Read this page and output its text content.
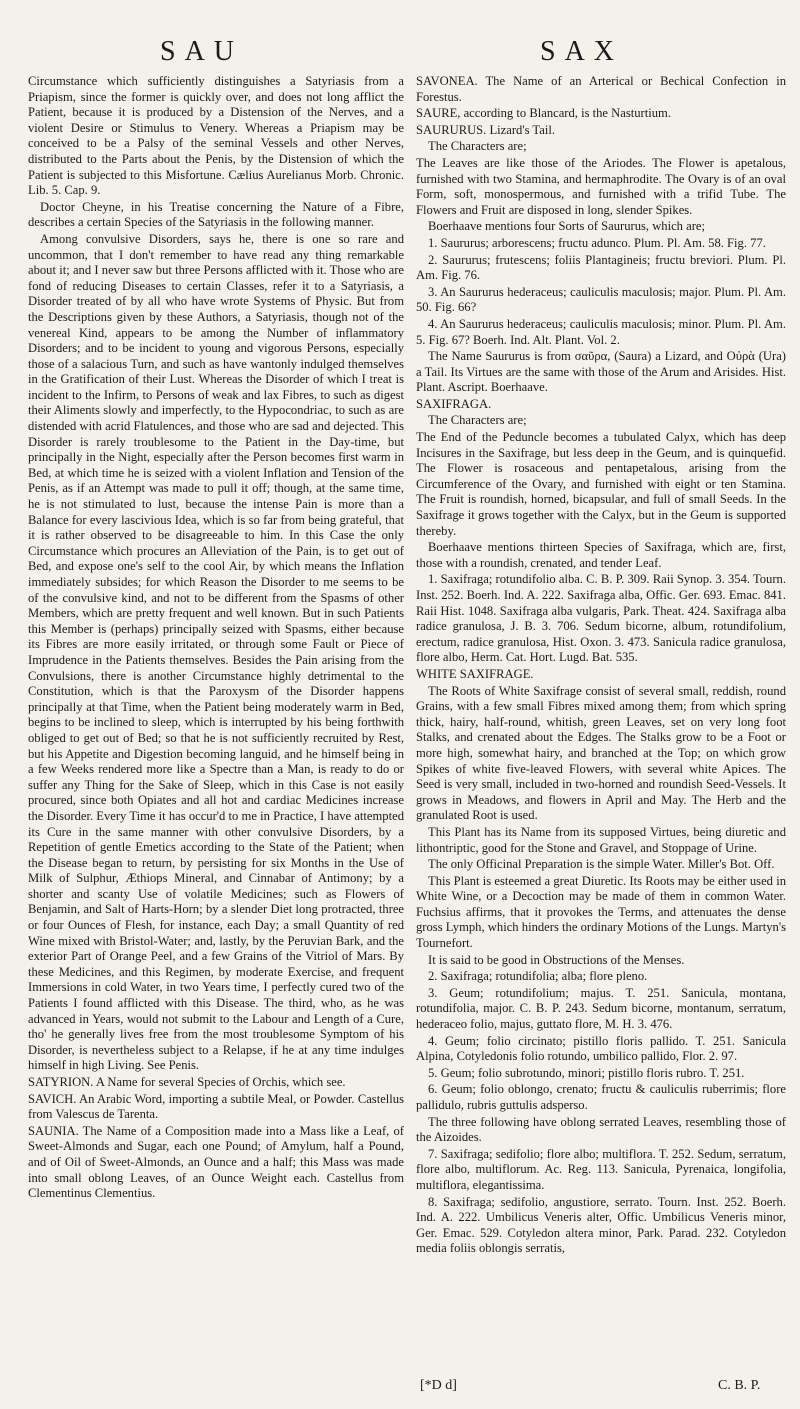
SAU	SAX

Circumstance which sufficiently distinguishes a Satyriasis from a Priapism, since the former is quickly over, and does not long afflict the Patient, because it is produced by a Distension of the Nerves, and a violent Desire or Stimulus to Venery. Whereas a Priapism may be conceived to be a Palsy of the seminal Vessels and other Nerves, distributed to the Parts about the Penis, by the Distension of which the Patient is subjected to this Misfortune. Cælius Aurelianus Morb. Chronic. Lib. 5. Cap. 9.

Doctor Cheyne, in his Treatise concerning the Nature of a Fibre, describes a certain Species of the Satyriasis in the following manner.

Among convulsive Disorders, says he, there is one so rare and uncommon, that I don't remember to have read any thing remarkable about it; and I never saw but three Persons afflicted with it. Those who are fond of reducing Diseases to certain Classes, refer it to a Satyriasis, a Disorder treated of by all who have wrote Systems of Physic. But from the Descriptions given by these Authors, a Satyriasis, though not of the venereal Kind, appears to be among the Number of inflammatory Disorders; and to be incident to young and vigorous Persons, especially those of a salacious Turn, and such as have wantonly indulged themselves in the Gratification of their Lust. Whereas the Disorder of which I treat is incident to the Infirm, to Persons of weak and lax Fibres, to such as digest their Aliments slowly and imperfectly, to the Hypocondriac, to such as are distended with acrid Flatulences, and those who are sad and dejected. This Disorder is rarely troublesome to the Patient in the Day-time, but principally in the Night, especially after the Person becomes first warm in Bed, at which time he is seized with a violent Inflation and Tension of the Penis, as if an Attempt was made to pull it off; though, at the same time, he is not stimulated to lust, because the intense Pain is more than a Balance for every lascivious Idea, which is so far from being grateful, that it is rather observed to be disagreeable to him. In this Case the only Circumstance which procures an Alleviation of the Pain, is to get out of Bed, and expose one's self to the cool Air, by which means the Inflation immediately subsides; for which Reason the Disorder to me seems to be of the convulsive kind, and not to be different from the Spasms of other Members, which are pretty frequent and well known. But in such Patients this Member is (perhaps) principally seized with Spasms, either because its Fibres are more easily irritated, or through some Fault or Piece of Imprudence in the Patients themselves. Besides the Pain arising from the Convulsions, there is another Circumstance highly detrimental to the Constitution, which is that the Paroxysm of the Disorder happens principally at that Time, when the Patient being moderately warm in Bed, begins to be inclined to sleep, which is interrupted by his being forthwith obliged to get out of Bed; so that he is not sufficiently recruited by Rest, but his Appetite and Digestion becoming languid, and he himself being in a few Weeks rendered more like a Spectre than a Man, is ready to do or suffer any Thing for the Sake of Sleep, which in this Case is not easily procured, since both Opiates and all hot and cardiac Medicines increase the Disorder. Every Time it has occur'd to me in Practice, I have attempted its Cure in the same manner with other convulsive Disorders, by a Repetition of gentle Emetics according to the State of the Patient; when the Disease began to return, by persisting for six Months in the Use of Milk of Sulphur, Æthiops Mineral, and Cinnabar of Antimony; by a shorter and scanty Use of volatile Medicines; such as Flowers of Benjamin, and Salt of Harts-Horn; by a slender Diet long protracted, three or four Ounces of Flesh, for instance, each Day; a small Quantity of red Wine mixed with Bristol-Water; and, lastly, by the Peruvian Bark, and the exterior Part of Orange Peel, and a few Grains of the Vitriol of Mars. By these Medicines, and this Regimen, by moderate Exercise, and frequent Immersions in cold Water, in two Years time, I perfectly cured two of the Patients I found afflicted with this Disease. The third, who, as he was advanced in Years, would not submit to the Labour and Length of a Cure, tho' he generally lives free from the most troublesome Symptom of his Disorder, is nevertheless subject to a Relapse, if he at any time indulges himself in high Living. See Penis.

SATYRION. A Name for several Species of Orchis, which see.

SAVICH. An Arabic Word, importing a subtile Meal, or Powder. Castellus from Valescus de Tarenta.

SAUNIA. The Name of a Composition made into a Mass like a Leaf, of Sweet-Almonds and Sugar, each one Pound; of Amylum, half a Pound, and of Oil of Sweet-Almonds, an Ounce and a half; this Mass was made into small oblong Leaves, of an Ounce Weight each. Castellus from Clementinus Clementius.

SAVONEA. The Name of an Arterical or Bechical Confection in Forestus.

SAURE, according to Blancard, is the Nasturtium.

SAURURUS. Lizard's Tail.

The Characters are;

The Leaves are like those of the Ariodes. The Flower is apetalous, furnished with two Stamina, and hermaphrodite. The Ovary is of an oval Form, soft, monospermous, and furnished with a trifid Tube. The Flowers and Fruit are disposed in long, slender Spikes.

Boerhaave mentions four Sorts of Saururus, which are;

1. Saururus; arborescens; fructu adunco. Plum. Pl. Am. 58. Fig. 77.

2. Saururus; frutescens; foliis Plantagineis; fructu breviori. Plum. Pl. Am. Fig. 76.

3. An Saururus hederaceus; cauliculis maculosis; major. Plum. Pl. Am. 50. Fig. 66?

4. An Saururus hederaceus; cauliculis maculosis; minor. Plum. Pl. Am. 5. Fig. 67? Boerh. Ind. Alt. Plant. Vol. 2.

The Name Saururus is from σαῦρα, (Saura) a Lizard, and Οὐρὰ (Ura) a Tail. Its Virtues are the same with those of the Arum and Arisides. Hist. Plant. Ascript. Boerhaave.

SAXIFRAGA.

The Characters are;

The End of the Peduncle becomes a tubulated Calyx, which has deep Incisures in the Saxifrage, but less deep in the Geum, and is quinquefid. The Flower is rosaceous and pentapetalous, arising from the Circumference of the Ovary, and furnished with eight or ten Stamina. The Fruit is roundish, horned, bicapsular, and full of small Seeds. In the Saxifrage it grows together with the Calyx, but in the Geum is supported thereby.

Boerhaave mentions thirteen Species of Saxifraga, which are, first, those with a roundish, crenated, and tender Leaf.

1. Saxifraga; rotundifolio alba. C. B. P. 309. Raii Synop. 3. 354. Tourn. Inst. 252. Boerh. Ind. A. 222. Saxifraga alba, Offic. Ger. 693. Emac. 841. Raii Hist. 1048. Saxifraga alba vulgaris, Park. Theat. 424. Saxifraga alba radice granulosa, J. B. 3. 706. Sedum bicorne, album, rotundifolium, erectum, radice granulosa, Hist. Oxon. 3. 473. Sanicula radice granulosa, flore albo, Herm. Cat. Hort. Lugd. Bat. 535.

WHITE SAXIFRAGE.

The Roots of White Saxifrage consist of several small, reddish, round Grains, with a few small Fibres mixed among them; from which spring thick, hairy, half-round, whitish, green Leaves, set on very long foot Stalks, and crenated about the Edges. The Stalks grow to be a Foot or more high, somewhat hairy, and branched at the Top; on which grow Spikes of white five-leaved Flowers, with several white Apices. The Seed is very small, included in two-horned and roundish Seed-Vessels. It grows in Meadows, and flowers in April and May. The Herb and the granulated Root is used.

This Plant has its Name from its supposed Virtues, being diuretic and lithontriptic, good for the Stone and Gravel, and Stoppage of Urine.

The only Officinal Preparation is the simple Water. Miller's Bot. Off.

This Plant is esteemed a great Diuretic. Its Roots may be either used in White Wine, or a Decoction may be made of them in common Water. Fuchsius affirms, that it provokes the Terms, and attenuates the dense gross Lymph, which hinders the ordinary Motions of the Lungs. Martyn's Tournefort.

It is said to be good in Obstructions of the Menses.

2. Saxifraga; rotundifolia; alba; flore pleno.

3. Geum; rotundifolium; majus. T. 251. Sanicula, montana, rotundifolia, major. C. B. P. 243. Sedum bicorne, montanum, serratum, hederaceo folio, majus, guttato flore, M. H. 3. 476.

4. Geum; folio circinato; pistillo floris pallido. T. 251. Sanicula Alpina, Cotyledonis folio rotundo, umbilico pallido, Flor. 2. 97.

5. Geum; folio subrotundo, minori; pistillo floris rubro. T. 251.

6. Geum; folio oblongo, crenato; fructu & cauliculis ruberrimis; flore pallidulo, rubris guttulis adsperso.

The three following have oblong serrated Leaves, resembling those of the Aizoides.

7. Saxifraga; sedifolio; flore albo; multiflora. T. 252. Sedum, serratum, flore albo, multiflorum. Ac. Reg. 113. Sanicula, Pyrenaica, longifolia, multiflora, elegantissima.

8. Saxifraga; sedifolio, angustiore, serrato. Tourn. Inst. 252. Boerh. Ind. A. 222. Umbilicus Veneris alter, Offic. Umbilicus Veneris minor, Ger. Emac. 529. Cotyledon altera minor, Park. Parad. 232. Cotyledon media foliis oblongis serratis,

[*D d]	C. B. P.
